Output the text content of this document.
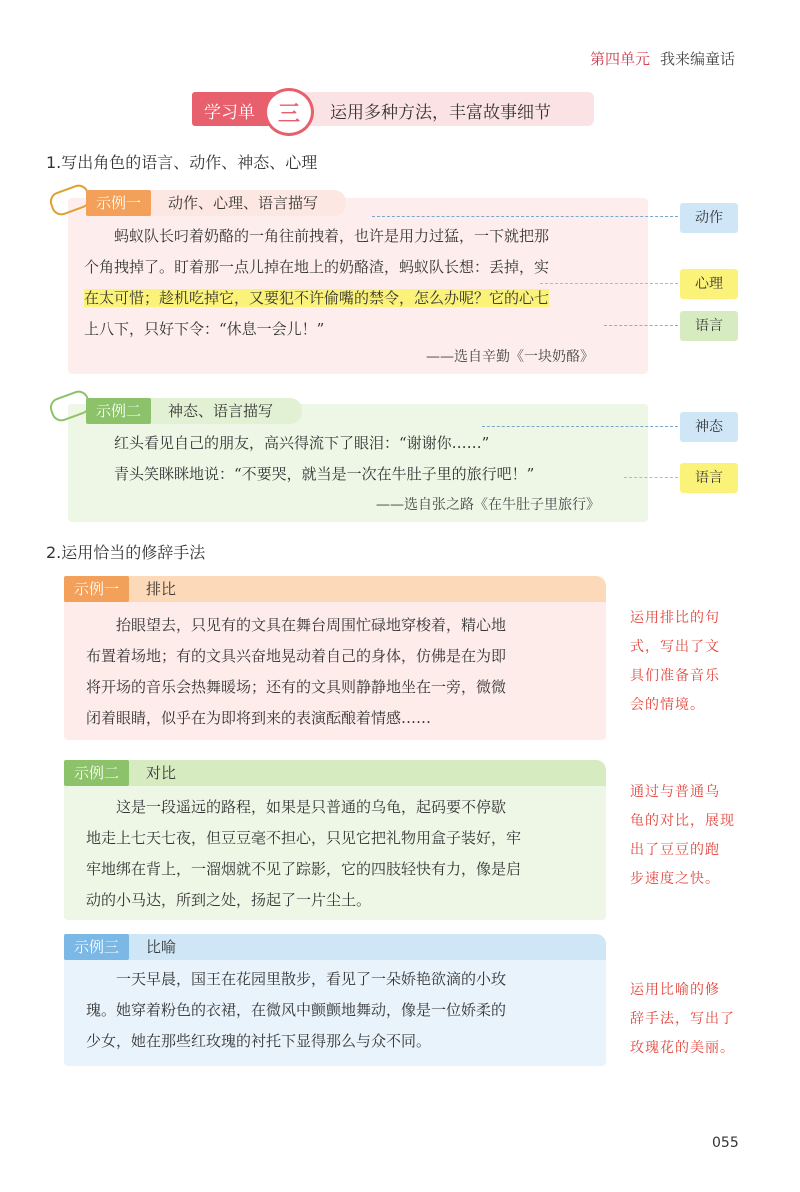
第四单元 我来编童话
运用多种方法，丰富故事细节
学习单	三
1.写出角色的语言、动作、神态、心理
示例一	动作、心理、语言描写
蚂蚁队长叼着奶酪的一角往前拽着，也许是用力过猛，一下就把那
个角拽掉了。盯着那一点儿掉在地上的奶酪渣，蚂蚁队长想：丢掉，实
在太可惜；趁机吃掉它，又要犯不许偷嘴的禁令，怎么办呢？它的心七
上八下，只好下令：“休息一会儿！”
——选自辛勤《一块奶酪》
动作
心理
语言
示例二	神态、语言描写
红头看见自己的朋友，高兴得流下了眼泪：“谢谢你……”
青头笑眯眯地说：“不要哭，就当是一次在牛肚子里的旅行吧！”
——选自张之路《在牛肚子里旅行》
神态
语言
2.运用恰当的修辞手法
示例一	排比
抬眼望去，只见有的文具在舞台周围忙碌地穿梭着，精心地
布置着场地；有的文具兴奋地晃动着自己的身体，仿佛是在为即
将开场的音乐会热舞暖场；还有的文具则静静地坐在一旁，微微
闭着眼睛，似乎在为即将到来的表演酝酿着情感……
运用排比的句
式，写出了文
具们准备音乐
会的情境。
示例二	对比
这是一段遥远的路程，如果是只普通的乌龟，起码要不停歇
地走上七天七夜，但豆豆毫不担心，只见它把礼物用盒子装好，牢
牢地绑在背上，一溜烟就不见了踪影，它的四肢轻快有力，像是启
动的小马达，所到之处，扬起了一片尘土。
通过与普通乌
龟的对比，展现
出了豆豆的跑
步速度之快。
示例三	比喻
一天早晨，国王在花园里散步，看见了一朵娇艳欲滴的小玫
瑰。她穿着粉色的衣裙，在微风中颤颤地舞动，像是一位娇柔的
少女，她在那些红玫瑰的衬托下显得那么与众不同。
运用比喻的修
辞手法，写出了
玫瑰花的美丽。
055
